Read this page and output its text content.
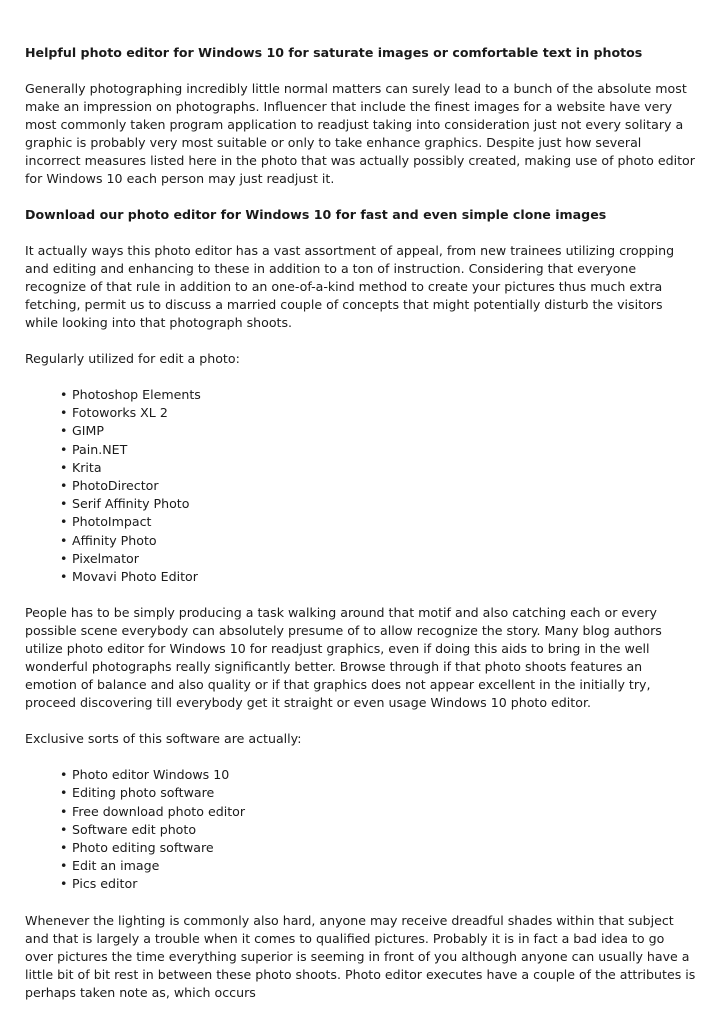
Helpful photo editor for Windows 10 for saturate images or comfortable text in photos

Generally photographing incredibly little normal matters can surely lead to a bunch of the absolute most make an impression on photographs. Influencer that include the finest images for a website have very most commonly taken program application to readjust taking into consideration just not every solitary a graphic is probably very most suitable or only to take enhance graphics. Despite just how several incorrect measures listed here in the photo that was actually possibly created, making use of photo editor for Windows 10 each person may just readjust it.

Download our photo editor for Windows 10 for fast and even simple clone images

It actually ways this photo editor has a vast assortment of appeal, from new trainees utilizing cropping and editing and enhancing to these in addition to a ton of instruction. Considering that everyone recognize of that rule in addition to an one-of-a-kind method to create your pictures thus much extra fetching, permit us to discuss a married couple of concepts that might potentially disturb the visitors while looking into that photograph shoots.

Regularly utilized for edit a photo:

• Photoshop Elements
• Fotoworks XL 2
• GIMP
• Pain.NET
• Krita
• PhotoDirector
• Serif Affinity Photo
• PhotoImpact
• Affinity Photo
• Pixelmator
• Movavi Photo Editor

People has to be simply producing a task walking around that motif and also catching each or every possible scene everybody can absolutely presume of to allow recognize the story. Many blog authors utilize photo editor for Windows 10 for readjust graphics, even if doing this aids to bring in the well wonderful photographs really significantly better. Browse through if that photo shoots features an emotion of balance and also quality or if that graphics does not appear excellent in the initially try, proceed discovering till everybody get it straight or even usage Windows 10 photo editor.

Exclusive sorts of this software are actually:

• Photo editor Windows 10
• Editing photo software
• Free download photo editor
• Software edit photo
• Photo editing software
• Edit an image
• Pics editor

Whenever the lighting is commonly also hard, anyone may receive dreadful shades within that subject and that is largely a trouble when it comes to qualified pictures. Probably it is in fact a bad idea to go over pictures the time everything superior is seeming in front of you although anyone can usually have a little bit of bit rest in between these photo shoots. Photo editor executes have a couple of the attributes is perhaps taken note as, which occurs
